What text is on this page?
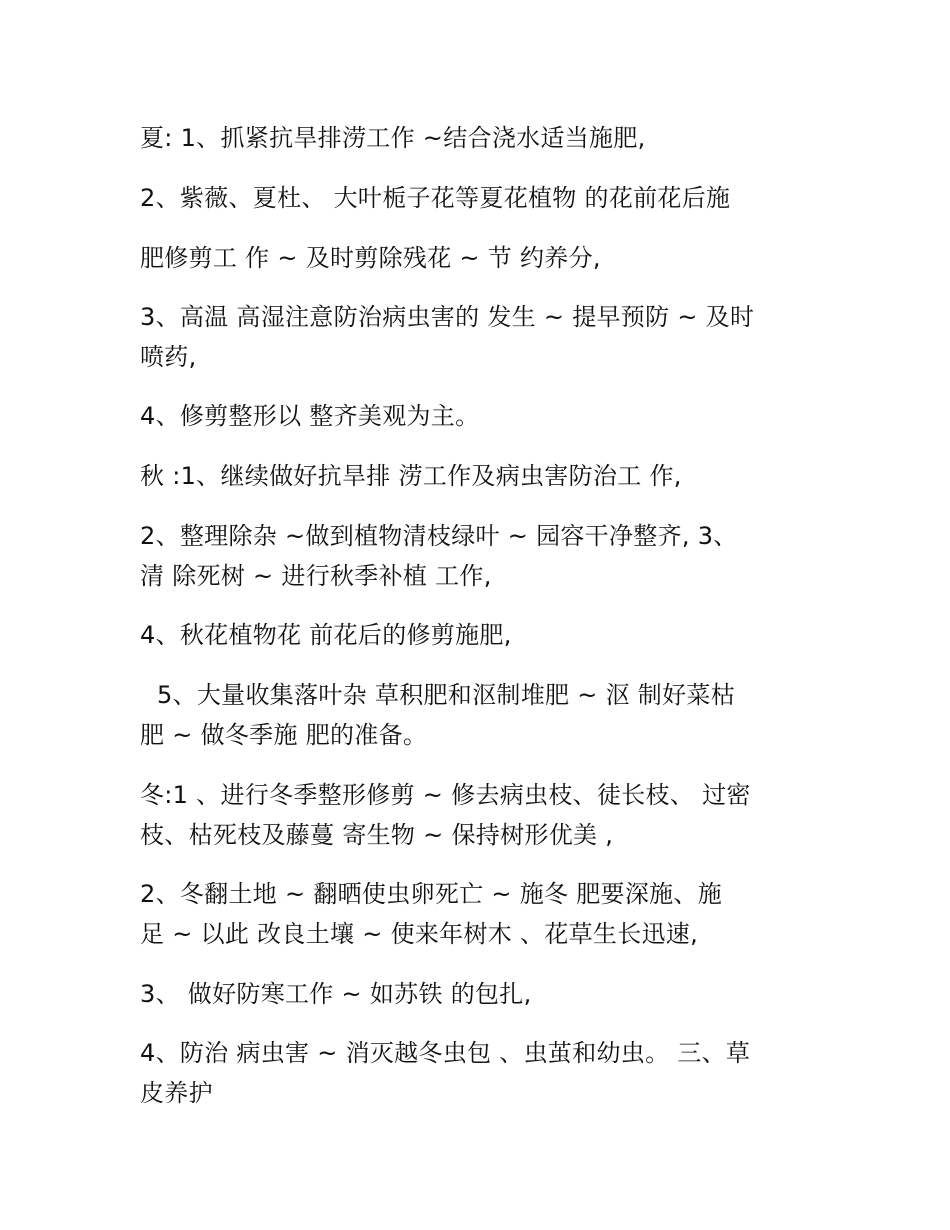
夏: 1、抓紧抗旱排涝工作 ~结合浇水适当施肥,
2、紫薇、夏杜、 大叶栀子花等夏花植物 的花前花后施
肥修剪工 作 ~ 及时剪除残花 ~ 节 约养分,
3、高温 高湿注意防治病虫害的 发生 ~ 提早预防 ~ 及时
喷药,
4、修剪整形以 整齐美观为主。
秋 :1、继续做好抗旱排 涝工作及病虫害防治工 作,
2、整理除杂 ~做到植物清枝绿叶 ~ 园容干净整齐, 3、
清 除死树 ~ 进行秋季补植 工作,
4、秋花植物花 前花后的修剪施肥,
5、大量收集落叶杂 草积肥和沤制堆肥 ~ 沤 制好菜枯
肥 ~ 做冬季施 肥的准备。
冬:1 、进行冬季整形修剪 ~ 修去病虫枝、徒长枝、 过密
枝、枯死枝及藤蔓 寄生物 ~ 保持树形优美 ,
2、冬翻土地 ~ 翻晒使虫卵死亡 ~ 施冬 肥要深施、施
足 ~ 以此 改良土壤 ~ 使来年树木 、花草生长迅速,
3、 做好防寒工作 ~ 如苏铁 的包扎,
4、防治 病虫害 ~ 消灭越冬虫包 、虫茧和幼虫。 三、草
皮养护
